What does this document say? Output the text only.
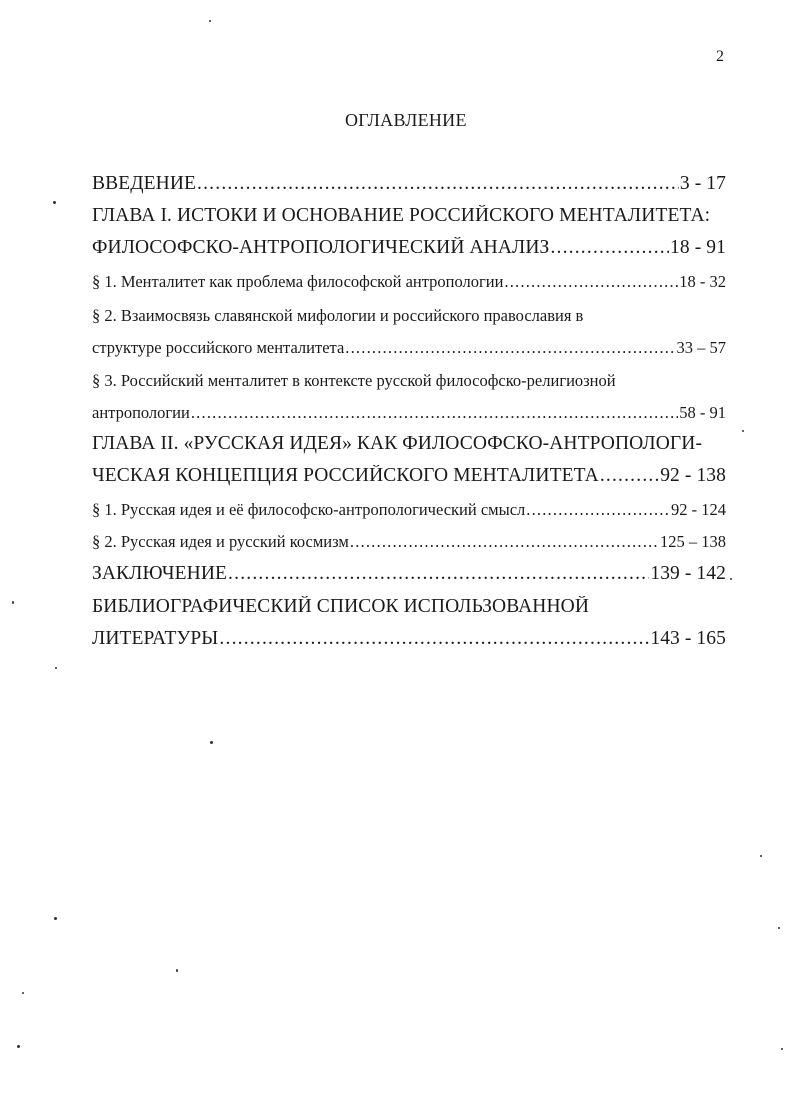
2
ОГЛАВЛЕНИЕ
ВВЕДЕНИЕ .....	3 - 17
ГЛАВА I. ИСТОКИ И ОСНОВАНИЕ РОССИЙСКОГО МЕНТАЛИТЕТА:
ФИЛОСОФСКО-АНТРОПОЛОГИЧЕСКИЙ АНАЛИЗ .....	18 - 91
§ 1. Менталитет как проблема философской антропологии .....	18 - 32
§ 2. Взаимосвязь славянской мифологии и российского православия в
структуре российского менталитета .....	33 – 57
§ 3. Российский менталитет в контексте русской философско-религиозной
антропологии .....	58 - 91
ГЛАВА II. «РУССКАЯ ИДЕЯ» КАК ФИЛОСОФСКО-АНТРОПОЛОГИ-
ЧЕСКАЯ КОНЦЕПЦИЯ РОССИЙСКОГО МЕНТАЛИТЕТА .....	92 - 138
§ 1. Русская идея и её философско-антропологический смысл .....	92 - 124
§ 2. Русская идея и русский космизм .....	125 – 138
ЗАКЛЮЧЕНИЕ .....	139 - 142
БИБЛИОГРАФИЧЕСКИЙ СПИСОК ИСПОЛЬЗОВАННОЙ
ЛИТЕРАТУРЫ .....	143 - 165
